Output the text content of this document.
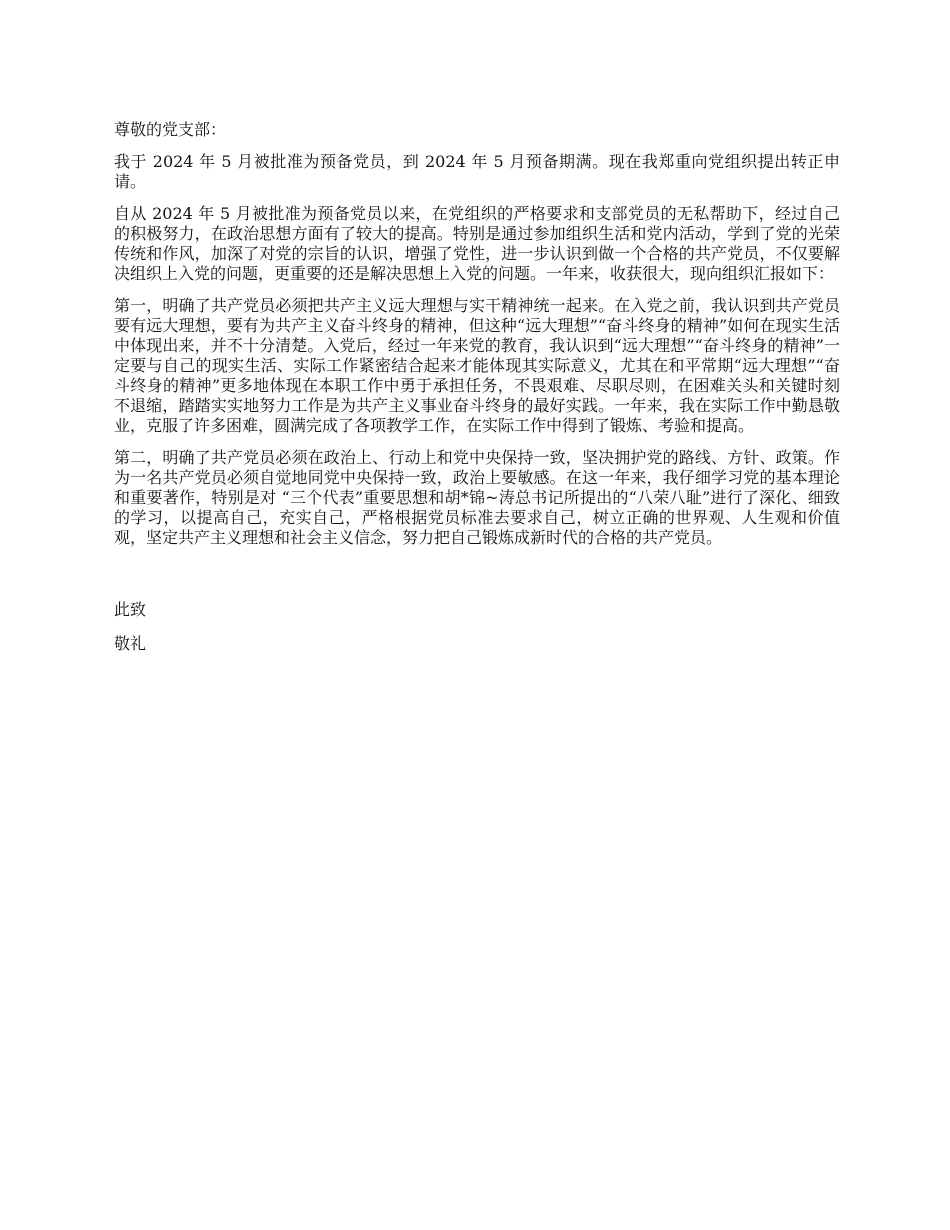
尊敬的党支部：

我于 2024 年 5 月被批准为预备党员，到 2024 年 5 月预备期满。现在我郑重向党组织提出转正申请。

自从 2024 年 5 月被批准为预备党员以来，在党组织的严格要求和支部党员的无私帮助下，经过自己的积极努力，在政治思想方面有了较大的提高。特别是通过参加组织生活和党内活动，学到了党的光荣传统和作风，加深了对党的宗旨的认识，增强了党性，进一步认识到做一个合格的共产党员，不仅要解决组织上入党的问题，更重要的还是解决思想上入党的问题。一年来，收获很大，现向组织汇报如下：

第一，明确了共产党员必须把共产主义远大理想与实干精神统一起来。在入党之前，我认识到共产党员要有远大理想，要有为共产主义奋斗终身的精神，但这种“远大理想”“奋斗终身的精神”如何在现实生活中体现出来，并不十分清楚。入党后，经过一年来党的教育，我认识到“远大理想”“奋斗终身的精神”一定要与自己的现实生活、实际工作紧密结合起来才能体现其实际意义，尤其在和平常期“远大理想”“奋斗终身的精神”更多地体现在本职工作中勇于承担任务，不畏艰难、尽职尽则，在困难关头和关键时刻不退缩，踏踏实实地努力工作是为共产主义事业奋斗终身的最好实践。一年来，我在实际工作中勤恳敬业，克服了许多困难，圆满完成了各项教学工作，在实际工作中得到了锻炼、考验和提高。

第二，明确了共产党员必须在政治上、行动上和党中央保持一致，坚决拥护党的路线、方针、政策。作为一名共产党员必须自觉地同党中央保持一致，政治上要敏感。在这一年来，我仔细学习党的基本理论和重要著作，特别是对 “三个代表”重要思想和胡*锦~涛总书记所提出的“八荣八耻”进行了深化、细致的学习，以提高自己，充实自己，严格根据党员标准去要求自己，树立正确的世界观、人生观和价值观，坚定共产主义理想和社会主义信念，努力把自己锻炼成新时代的合格的共产党员。

此致

敬礼
